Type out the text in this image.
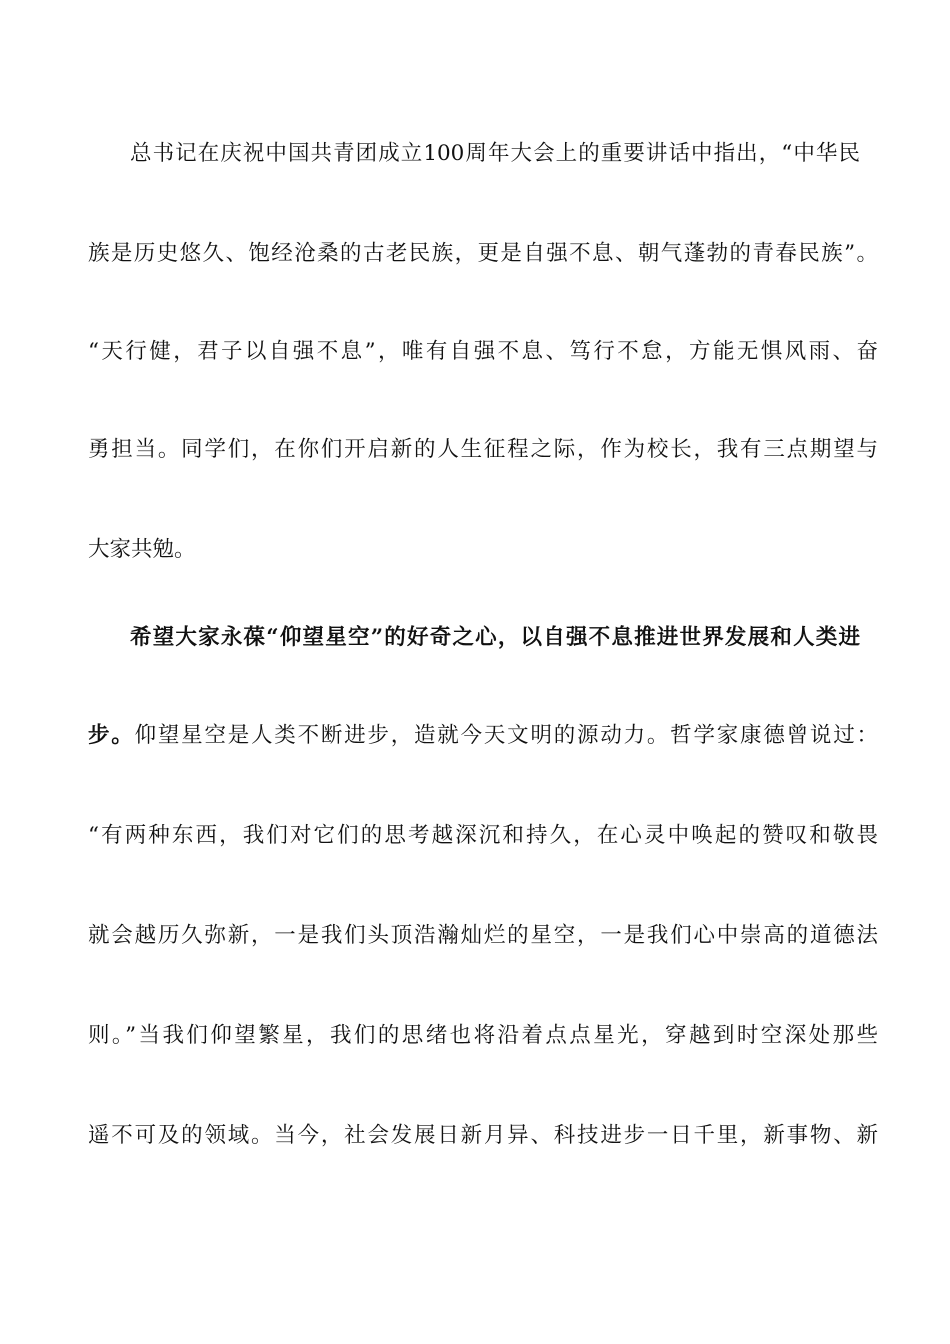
总书记在庆祝中国共青团成立100周年大会上的重要讲话中指出，“中华民
族是历史悠久、饱经沧桑的古老民族，更是自强不息、朝气蓬勃的青春民族”。
“天行健，君子以自强不息”，唯有自强不息、笃行不怠，方能无惧风雨、奋
勇担当。同学们，在你们开启新的人生征程之际，作为校长，我有三点期望与
大家共勉。
希望大家永葆“仰望星空”的好奇之心，以自强不息推进世界发展和人类进
步。仰望星空是人类不断进步，造就今天文明的源动力。哲学家康德曾说过：
“有两种东西，我们对它们的思考越深沉和持久，在心灵中唤起的赞叹和敬畏
就会越历久弥新，一是我们头顶浩瀚灿烂的星空，一是我们心中崇高的道德法
则。”当我们仰望繁星，我们的思绪也将沿着点点星光，穿越到时空深处那些
遥不可及的领域。当今，社会发展日新月异、科技进步一日千里，新事物、新
